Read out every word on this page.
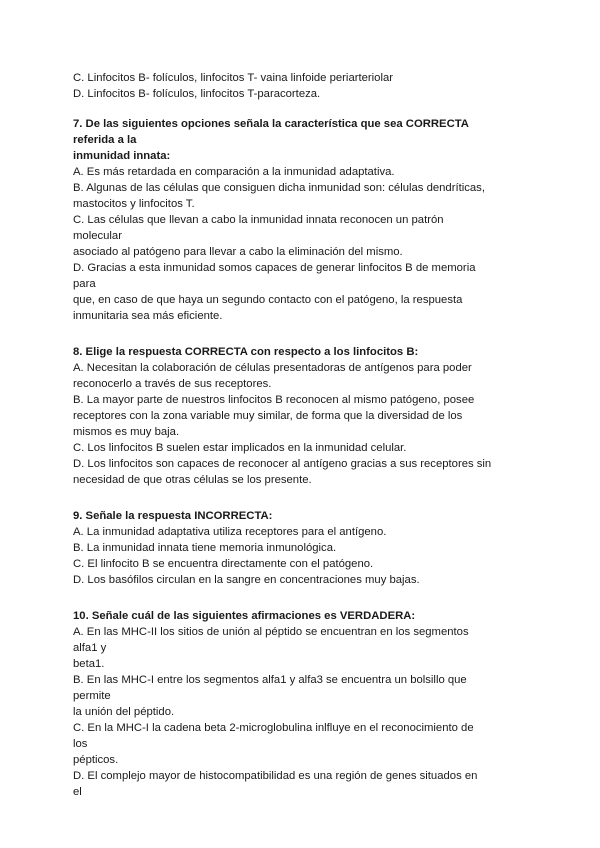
C. Linfocitos B- folículos, linfocitos T- vaina linfoide periarteriolar

D. Linfocitos B- folículos, linfocitos T-paracorteza.

7. De las siguientes opciones señala la característica que sea CORRECTA

referida a la

inmunidad innata:

A. Es más retardada en comparación a la inmunidad adaptativa.

B. Algunas de las células que consiguen dicha inmunidad son: células dendríticas,

mastocitos y linfocitos T.

C. Las células que llevan a cabo la inmunidad innata reconocen un patrón

molecular

asociado al patógeno para llevar a cabo la eliminación del mismo.

D. Gracias a esta inmunidad somos capaces de generar linfocitos B de memoria

para

que, en caso de que haya un segundo contacto con el patógeno, la respuesta

inmunitaria sea más eficiente.

8. Elige la respuesta CORRECTA con respecto a los linfocitos B:

A. Necesitan la colaboración de células presentadoras de antígenos para poder

reconocerlo a través de sus receptores.

B. La mayor parte de nuestros linfocitos B reconocen al mismo patógeno, posee

receptores con la zona variable muy similar, de forma que la diversidad de los

mismos es muy baja.

C. Los linfocitos B suelen estar implicados en la inmunidad celular.

D. Los linfocitos son capaces de reconocer al antígeno gracias a sus receptores sin

necesidad de que otras células se los presente.

9. Señale la respuesta INCORRECTA:

A. La inmunidad adaptativa utiliza receptores para el antígeno.

B. La inmunidad innata tiene memoria inmunológica.

C. El linfocito B se encuentra directamente con el patógeno.

D. Los basófilos circulan en la sangre en concentraciones muy bajas.

10. Señale cuál de las siguientes afirmaciones es VERDADERA:

A. En las MHC-II los sitios de unión al péptido se encuentran en los segmentos

alfa1 y

beta1.

B. En las MHC-I entre los segmentos alfa1 y alfa3 se encuentra un bolsillo que

permite

la unión del péptido.

C. En la MHC-I la cadena beta 2-microglobulina inlfluye en el reconocimiento de

los

pépticos.

D. El complejo mayor de histocompatibilidad es una región de genes situados en

el
